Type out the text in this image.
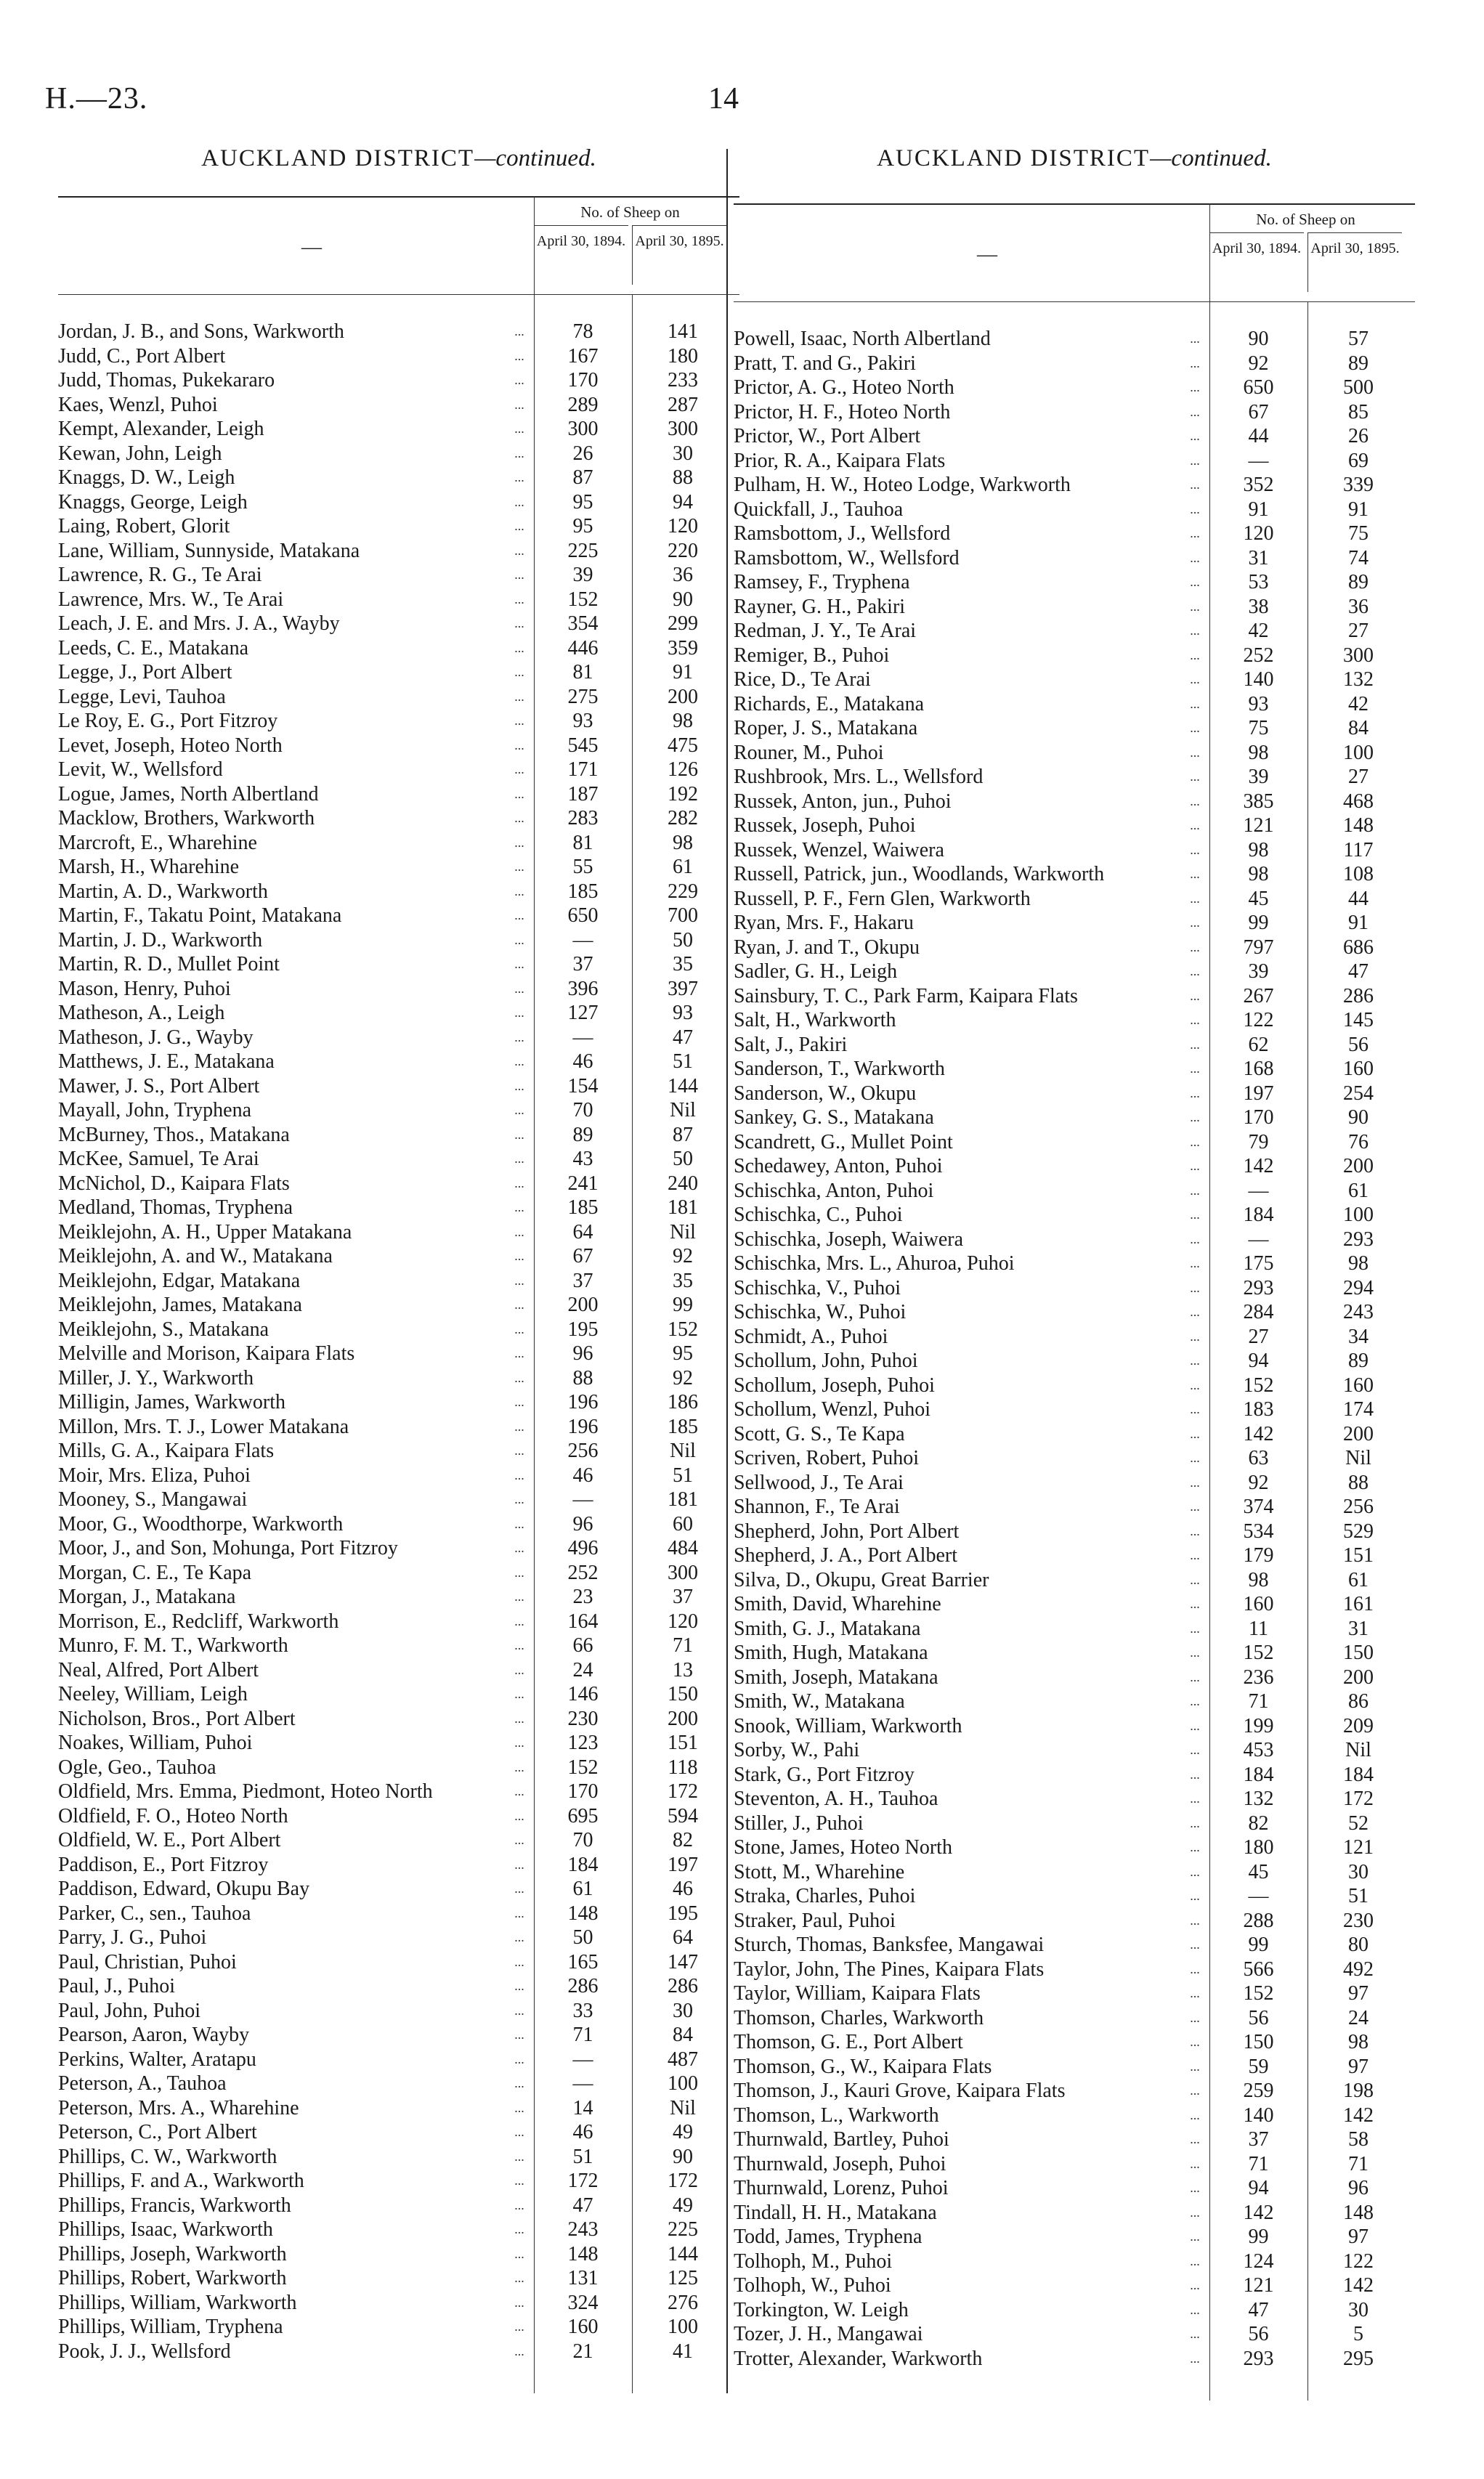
H.—23.	14
AUCKLAND DISTRICT—continued.
—
No. of Sheep on
April 30, 1894. April 30, 1895.
Jordan, J. B., and Sons, Warkworth	...	78	141
Judd, C., Port Albert	...	167	180
Judd, Thomas, Pukekararo	...	170	233
Kaes, Wenzl, Puhoi	...	289	287
Kempt, Alexander, Leigh	...	300	300
Kewan, John, Leigh	...	26	30
Knaggs, D. W., Leigh	...	87	88
Knaggs, George, Leigh	...	95	94
Laing, Robert, Glorit	...	95	120
Lane, William, Sunnyside, Matakana	...	225	220
Lawrence, R. G., Te Arai	...	39	36
Lawrence, Mrs. W., Te Arai	...	152	90
Leach, J. E. and Mrs. J. A., Wayby	...	354	299
Leeds, C. E., Matakana	...	446	359
Legge, J., Port Albert	...	81	91
Legge, Levi, Tauhoa	...	275	200
Le Roy, E. G., Port Fitzroy	...	93	98
Levet, Joseph, Hoteo North	...	545	475
Levit, W., Wellsford	...	171	126
Logue, James, North Albertland	...	187	192
Macklow, Brothers, Warkworth	...	283	282
Marcroft, E., Wharehine	...	81	98
Marsh, H., Wharehine	...	55	61
Martin, A. D., Warkworth	...	185	229
Martin, F., Takatu Point, Matakana	...	650	700
Martin, J. D., Warkworth	...	—	50
Martin, R. D., Mullet Point	...	37	35
Mason, Henry, Puhoi	...	396	397
Matheson, A., Leigh	...	127	93
Matheson, J. G., Wayby	...	—	47
Matthews, J. E., Matakana	...	46	51
Mawer, J. S., Port Albert	...	154	144
Mayall, John, Tryphena	...	70	Nil
McBurney, Thos., Matakana	...	89	87
McKee, Samuel, Te Arai	...	43	50
McNichol, D., Kaipara Flats	...	241	240
Medland, Thomas, Tryphena	...	185	181
Meiklejohn, A. H., Upper Matakana	...	64	Nil
Meiklejohn, A. and W., Matakana	...	67	92
Meiklejohn, Edgar, Matakana	...	37	35
Meiklejohn, James, Matakana	...	200	99
Meiklejohn, S., Matakana	...	195	152
Melville and Morison, Kaipara Flats	...	96	95
Miller, J. Y., Warkworth	...	88	92
Milligin, James, Warkworth	...	196	186
Millon, Mrs. T. J., Lower Matakana	...	196	185
Mills, G. A., Kaipara Flats	...	256	Nil
Moir, Mrs. Eliza, Puhoi	...	46	51
Mooney, S., Mangawai	...	—	181
Moor, G., Woodthorpe, Warkworth	...	96	60
Moor, J., and Son, Mohunga, Port Fitzroy	...	496	484
Morgan, C. E., Te Kapa	...	252	300
Morgan, J., Matakana	...	23	37
Morrison, E., Redcliff, Warkworth	...	164	120
Munro, F. M. T., Warkworth	...	66	71
Neal, Alfred, Port Albert	...	24	13
Neeley, William, Leigh	...	146	150
Nicholson, Bros., Port Albert	...	230	200
Noakes, William, Puhoi	...	123	151
Ogle, Geo., Tauhoa	...	152	118
Oldfield, Mrs. Emma, Piedmont, Hoteo North	...	170	172
Oldfield, F. O., Hoteo North	...	695	594
Oldfield, W. E., Port Albert	...	70	82
Paddison, E., Port Fitzroy	...	184	197
Paddison, Edward, Okupu Bay	...	61	46
Parker, C., sen., Tauhoa	...	148	195
Parry, J. G., Puhoi	...	50	64
Paul, Christian, Puhoi	...	165	147
Paul, J., Puhoi	...	286	286
Paul, John, Puhoi	...	33	30
Pearson, Aaron, Wayby	...	71	84
Perkins, Walter, Aratapu	...	—	487
Peterson, A., Tauhoa	...	—	100
Peterson, Mrs. A., Wharehine	...	14	Nil
Peterson, C., Port Albert	...	46	49
Phillips, C. W., Warkworth	...	51	90
Phillips, F. and A., Warkworth	...	172	172
Phillips, Francis, Warkworth	...	47	49
Phillips, Isaac, Warkworth	...	243	225
Phillips, Joseph, Warkworth	...	148	144
Phillips, Robert, Warkworth	...	131	125
Phillips, William, Warkworth	...	324	276
Phillips, William, Tryphena	...	160	100
Pook, J. J., Wellsford	...	21	41
AUCKLAND DISTRICT—continued.
—
No. of Sheep on
April 30, 1894. April 30, 1895.
Powell, Isaac, North Albertland	...	90	57
Pratt, T. and G., Pakiri	...	92	89
Prictor, A. G., Hoteo North	...	650	500
Prictor, H. F., Hoteo North	...	67	85
Prictor, W., Port Albert	...	44	26
Prior, R. A., Kaipara Flats	...	—	69
Pulham, H. W., Hoteo Lodge, Warkworth	...	352	339
Quickfall, J., Tauhoa	...	91	91
Ramsbottom, J., Wellsford	...	120	75
Ramsbottom, W., Wellsford	...	31	74
Ramsey, F., Tryphena	...	53	89
Rayner, G. H., Pakiri	...	38	36
Redman, J. Y., Te Arai	...	42	27
Remiger, B., Puhoi	...	252	300
Rice, D., Te Arai	...	140	132
Richards, E., Matakana	...	93	42
Roper, J. S., Matakana	...	75	84
Rouner, M., Puhoi	...	98	100
Rushbrook, Mrs. L., Wellsford	...	39	27
Russek, Anton, jun., Puhoi	...	385	468
Russek, Joseph, Puhoi	...	121	148
Russek, Wenzel, Waiwera	...	98	117
Russell, Patrick, jun., Woodlands, Warkworth	...	98	108
Russell, P. F., Fern Glen, Warkworth	...	45	44
Ryan, Mrs. F., Hakaru	...	99	91
Ryan, J. and T., Okupu	...	797	686
Sadler, G. H., Leigh	...	39	47
Sainsbury, T. C., Park Farm, Kaipara Flats	...	267	286
Salt, H., Warkworth	...	122	145
Salt, J., Pakiri	...	62	56
Sanderson, T., Warkworth	...	168	160
Sanderson, W., Okupu	...	197	254
Sankey, G. S., Matakana	...	170	90
Scandrett, G., Mullet Point	...	79	76
Schedawey, Anton, Puhoi	...	142	200
Schischka, Anton, Puhoi	...	—	61
Schischka, C., Puhoi	...	184	100
Schischka, Joseph, Waiwera	...	—	293
Schischka, Mrs. L., Ahuroa, Puhoi	...	175	98
Schischka, V., Puhoi	...	293	294
Schischka, W., Puhoi	...	284	243
Schmidt, A., Puhoi	...	27	34
Schollum, John, Puhoi	...	94	89
Schollum, Joseph, Puhoi	...	152	160
Schollum, Wenzl, Puhoi	...	183	174
Scott, G. S., Te Kapa	...	142	200
Scriven, Robert, Puhoi	...	63	Nil
Sellwood, J., Te Arai	...	92	88
Shannon, F., Te Arai	...	374	256
Shepherd, John, Port Albert	...	534	529
Shepherd, J. A., Port Albert	...	179	151
Silva, D., Okupu, Great Barrier	...	98	61
Smith, David, Wharehine	...	160	161
Smith, G. J., Matakana	...	11	31
Smith, Hugh, Matakana	...	152	150
Smith, Joseph, Matakana	...	236	200
Smith, W., Matakana	...	71	86
Snook, William, Warkworth	...	199	209
Sorby, W., Pahi	...	453	Nil
Stark, G., Port Fitzroy	...	184	184
Steventon, A. H., Tauhoa	...	132	172
Stiller, J., Puhoi	...	82	52
Stone, James, Hoteo North	...	180	121
Stott, M., Wharehine	...	45	30
Straka, Charles, Puhoi	...	—	51
Straker, Paul, Puhoi	...	288	230
Sturch, Thomas, Banksfee, Mangawai	...	99	80
Taylor, John, The Pines, Kaipara Flats	...	566	492
Taylor, William, Kaipara Flats	...	152	97
Thomson, Charles, Warkworth	...	56	24
Thomson, G. E., Port Albert	...	150	98
Thomson, G., W., Kaipara Flats	...	59	97
Thomson, J., Kauri Grove, Kaipara Flats	...	259	198
Thomson, L., Warkworth	...	140	142
Thurnwald, Bartley, Puhoi	...	37	58
Thurnwald, Joseph, Puhoi	...	71	71
Thurnwald, Lorenz, Puhoi	...	94	96
Tindall, H. H., Matakana	...	142	148
Todd, James, Tryphena	...	99	97
Tolhoph, M., Puhoi	...	124	122
Tolhoph, W., Puhoi	...	121	142
Torkington, W. Leigh	...	47	30
Tozer, J. H., Mangawai	...	56	5
Trotter, Alexander, Warkworth	...	293	295
